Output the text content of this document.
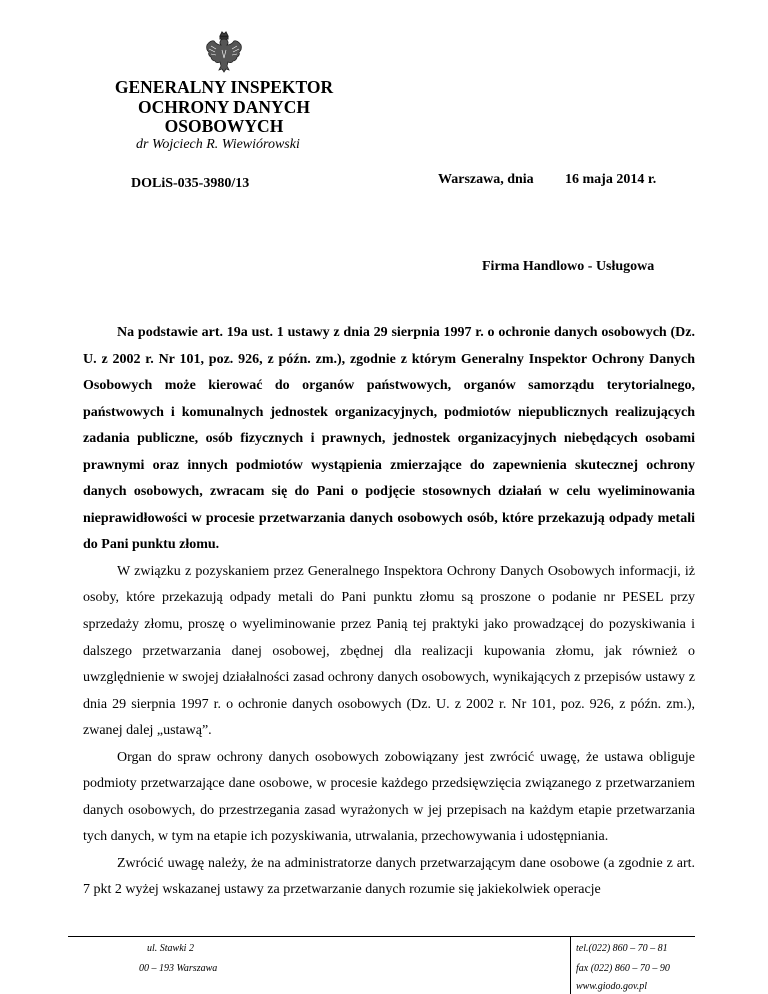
GENERALNY INSPEKTOR OCHRONY DANYCH OSOBOWYCH
dr Wojciech R. Wiewiórowski
DOLiS-035-3980/13	Warszawa, dnia 16 maja 2014 r.
Firma Handlowo - Usługowa

Na podstawie art. 19a ust. 1 ustawy z dnia 29 sierpnia 1997 r. o ochronie danych osobowych (Dz. U. z 2002 r. Nr 101, poz. 926, z późn. zm.), zgodnie z którym Generalny Inspektor Ochrony Danych Osobowych może kierować do organów państwowych, organów samorządu terytorialnego, państwowych i komunalnych jednostek organizacyjnych, podmiotów niepublicznych realizujących zadania publiczne, osób fizycznych i prawnych, jednostek organizacyjnych niebędących osobami prawnymi oraz innych podmiotów wystąpienia zmierzające do zapewnienia skutecznej ochrony danych osobowych, zwracam się do Pani o podjęcie stosownych działań w celu wyeliminowania nieprawidłowości w procesie przetwarzania danych osobowych osób, które przekazują odpady metali do Pani punktu złomu.

W związku z pozyskaniem przez Generalnego Inspektora Ochrony Danych Osobowych informacji, iż osoby, które przekazują odpady metali do Pani punktu złomu są proszone o podanie nr PESEL przy sprzedaży złomu, proszę o wyeliminowanie przez Panią tej praktyki jako prowadzącej do pozyskiwania i dalszego przetwarzania danej osobowej, zbędnej dla realizacji kupowania złomu, jak również o uwzględnienie w swojej działalności zasad ochrony danych osobowych, wynikających z przepisów ustawy z dnia 29 sierpnia 1997 r. o ochronie danych osobowych (Dz. U. z 2002 r. Nr 101, poz. 926, z późn. zm.), zwanej dalej „ustawą”.

Organ do spraw ochrony danych osobowych zobowiązany jest zwrócić uwagę, że ustawa obliguje podmioty przetwarzające dane osobowe, w procesie każdego przedsięwzięcia związanego z przetwarzaniem danych osobowych, do przestrzegania zasad wyrażonych w jej przepisach na każdym etapie przetwarzania tych danych, w tym na etapie ich pozyskiwania, utrwalania, przechowywania i udostępniania.

Zwrócić uwagę należy, że na administratorze danych przetwarzającym dane osobowe (a zgodnie z art. 7 pkt 2 wyżej wskazanej ustawy za przetwarzanie danych rozumie się jakiekolwiek operacje

ul. Stawki 2
00 – 193 Warszawa
tel.(022) 860 – 70 – 81
fax (022) 860 – 70 – 90
www.giodo.gov.pl
